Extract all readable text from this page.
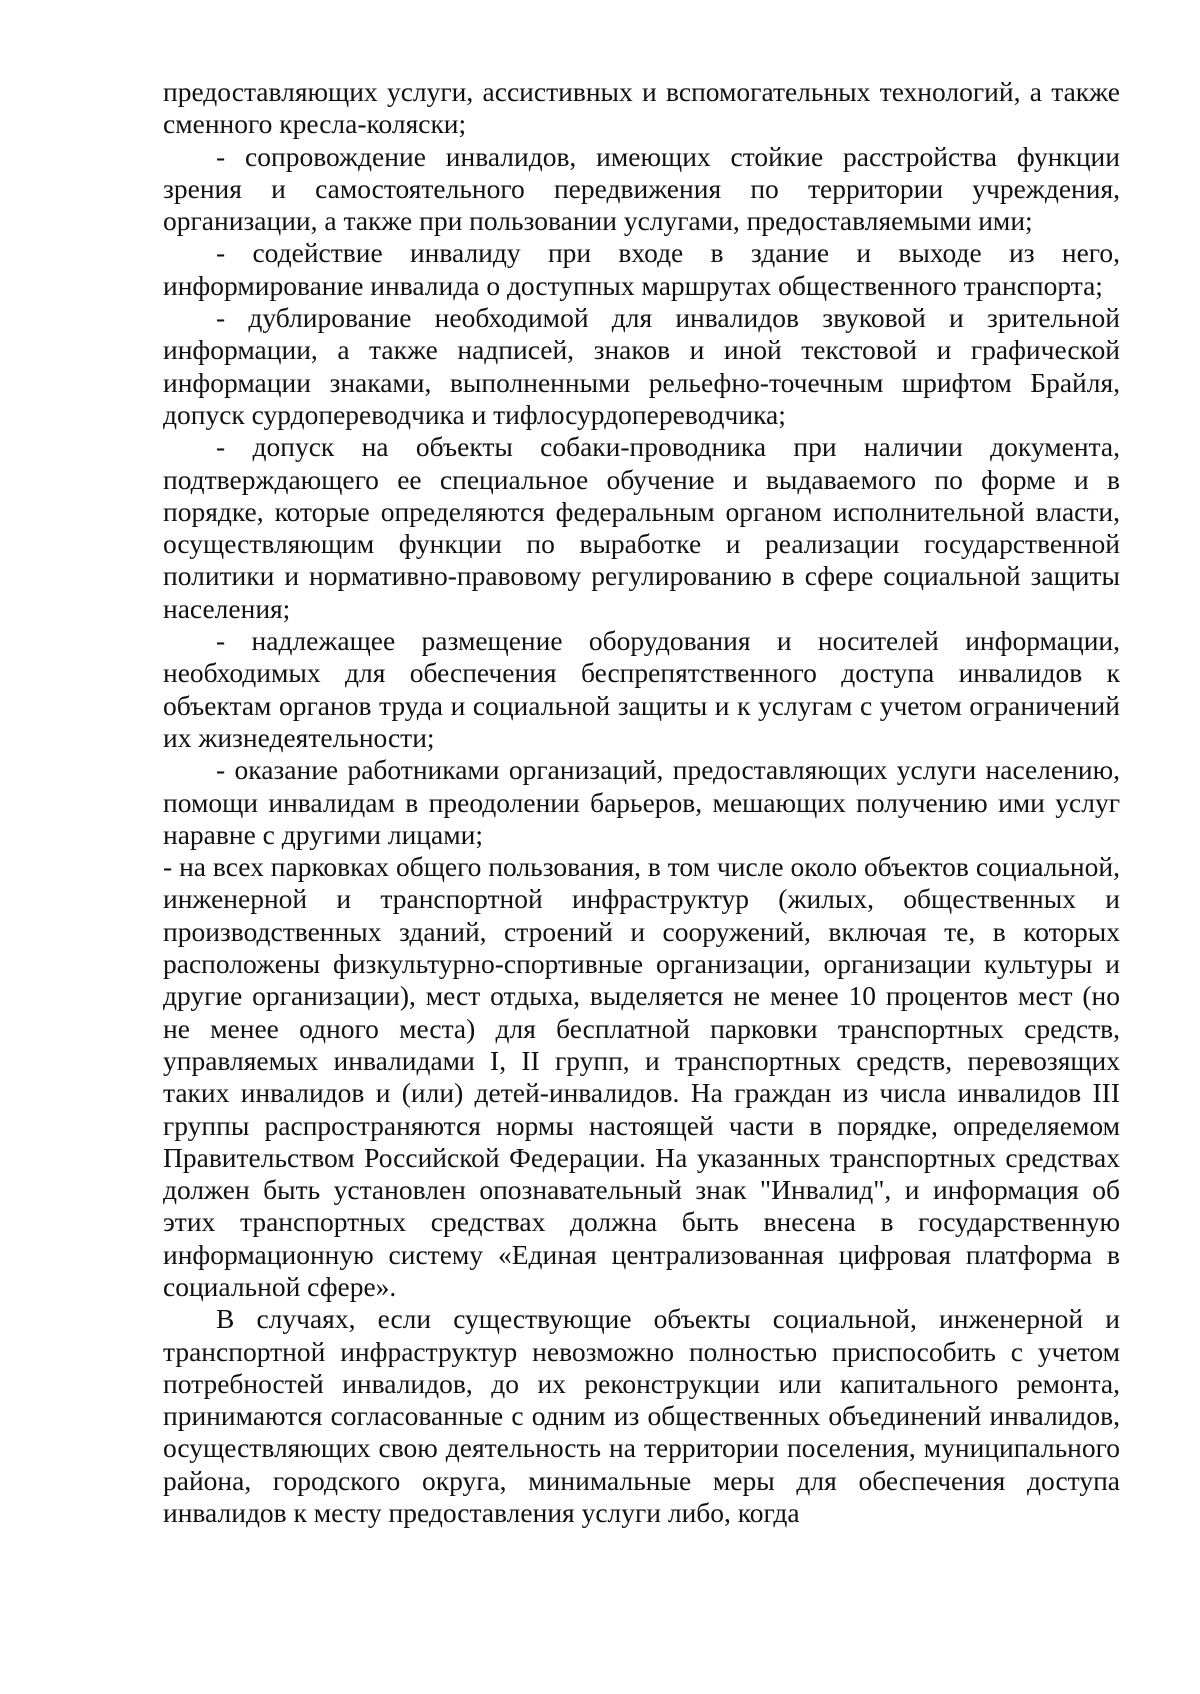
предоставляющих услуги, ассистивных и вспомогательных технологий, а также сменного кресла-коляски;

- сопровождение инвалидов, имеющих стойкие расстройства функции зрения и самостоятельного передвижения по территории учреждения, организации, а также при пользовании услугами, предоставляемыми ими;

- содействие инвалиду при входе в здание и выходе из него, информирование инвалида о доступных маршрутах общественного транспорта;

- дублирование необходимой для инвалидов звуковой и зрительной информации, а также надписей, знаков и иной текстовой и графической информации знаками, выполненными рельефно-точечным шрифтом Брайля, допуск сурдопереводчика и тифлосурдопереводчика;

- допуск на объекты собаки-проводника при наличии документа, подтверждающего ее специальное обучение и выдаваемого по форме и в порядке, которые определяются федеральным органом исполнительной власти, осуществляющим функции по выработке и реализации государственной политики и нормативно-правовому регулированию в сфере социальной защиты населения;

- надлежащее размещение оборудования и носителей информации, необходимых для обеспечения беспрепятственного доступа инвалидов к объектам органов труда и социальной защиты и к услугам с учетом ограничений их жизнедеятельности;

- оказание работниками организаций, предоставляющих услуги населению, помощи инвалидам в преодолении барьеров, мешающих получению ими услуг наравне с другими лицами;

- на всех парковках общего пользования, в том числе около объектов социальной, инженерной и транспортной инфраструктур (жилых, общественных и производственных зданий, строений и сооружений, включая те, в которых расположены физкультурно-спортивные организации, организации культуры и другие организации), мест отдыха, выделяется не менее 10 процентов мест (но не менее одного места) для бесплатной парковки транспортных средств, управляемых инвалидами I, II групп, и транспортных средств, перевозящих таких инвалидов и (или) детей-инвалидов. На граждан из числа инвалидов III группы распространяются нормы настоящей части в порядке, определяемом Правительством Российской Федерации. На указанных транспортных средствах должен быть установлен опознавательный знак "Инвалид", и информация об этих транспортных средствах должна быть внесена в государственную информационную систему «Единая централизованная цифровая платформа в социальной сфере».

В случаях, если существующие объекты социальной, инженерной и транспортной инфраструктур невозможно полностью приспособить с учетом потребностей инвалидов, до их реконструкции или капитального ремонта, принимаются согласованные с одним из общественных объединений инвалидов, осуществляющих свою деятельность на территории поселения, муниципального района, городского округа, минимальные меры для обеспечения доступа инвалидов к месту предоставления услуги либо, когда
